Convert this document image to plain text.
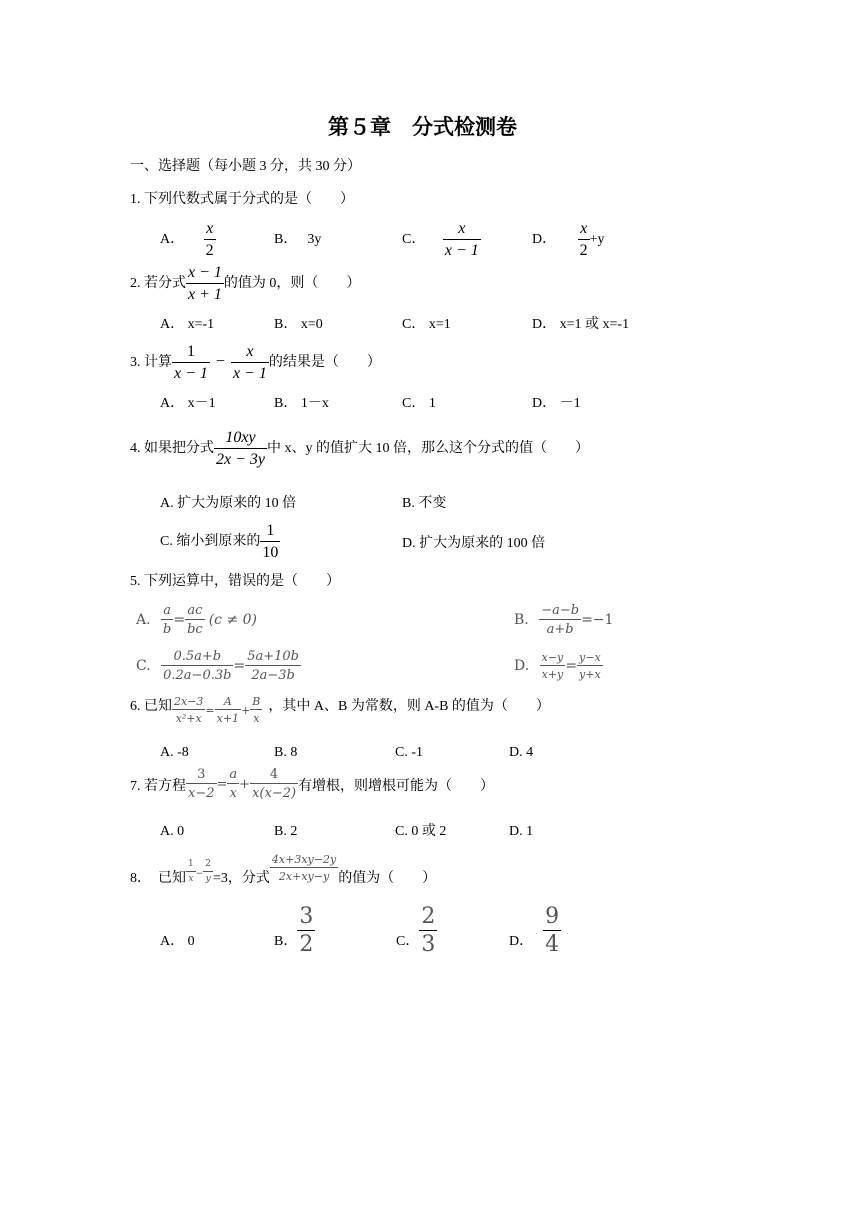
第５章　分式检测卷
一、选择题（每小题 3 分，共 30 分）
1. 下列代数式属于分式的是（　　）
A． $\frac{x}{2}$	B． 3y	C． $\frac{x}{x - 1}$	D． $\frac{x}{2} +y$
2. 若分式 $\frac{x - 1}{x + 1}$ 的值为 0，则（　　）
A． x=-1	B． x=0	C． x=1	D． x=1 或 x=-1
3. 计算 $\frac{1}{x - 1} - \frac{x}{x - 1}$ 的结果是（　　）
A． x－1	B． 1－x	C． 1	D． －1
4. 如果把分式 $\frac{10xy}{2x - 3y}$ 中 x、y 的值扩大 10 倍，那么这个分式的值（　　）
A. 扩大为原来的 10 倍	B. 不变
C. 缩小到原来的 $\frac{1}{10}$	D. 扩大为原来的 100 倍
5. 下列运算中，错误的是（　　）
A. $\frac{a}{b} = \frac{ac}{bc} (c \ne 0)$	B. $\frac{-a-b}{a+b} =-1$
C. $\frac{0.5a+b}{0.2a-0.3b} = \frac{5a+10b}{2a-3b}$	D. $\frac{x-y}{x+y} = \frac{y-x}{y+x}$
6. 已知 $\frac{2x-3}{\text{x²+x}} = \frac{A}{x+1} + \frac{B}{x}$ ，其中 A、B 为常数，则 A-B 的值为（　　）
A. -8	B. 8	C. -1	D. 4
7. 若方程 $\frac{3}{x-2} = \frac{a}{x} + \frac{4}{x(x-2)}$ 有增根，则增根可能为（　　）
A. 0	B. 2	C. 0 或 2	D. 1
8．　已知 $\frac{1}{x} - \frac{2}{y} =3$，分式 $\frac{4x+3xy-2y}{2x+xy-y}$ 的值为（　　）
A． 0	B． $\frac{3}{2}$	C． $\frac{2}{3}$	D． $\frac{9}{4}$
